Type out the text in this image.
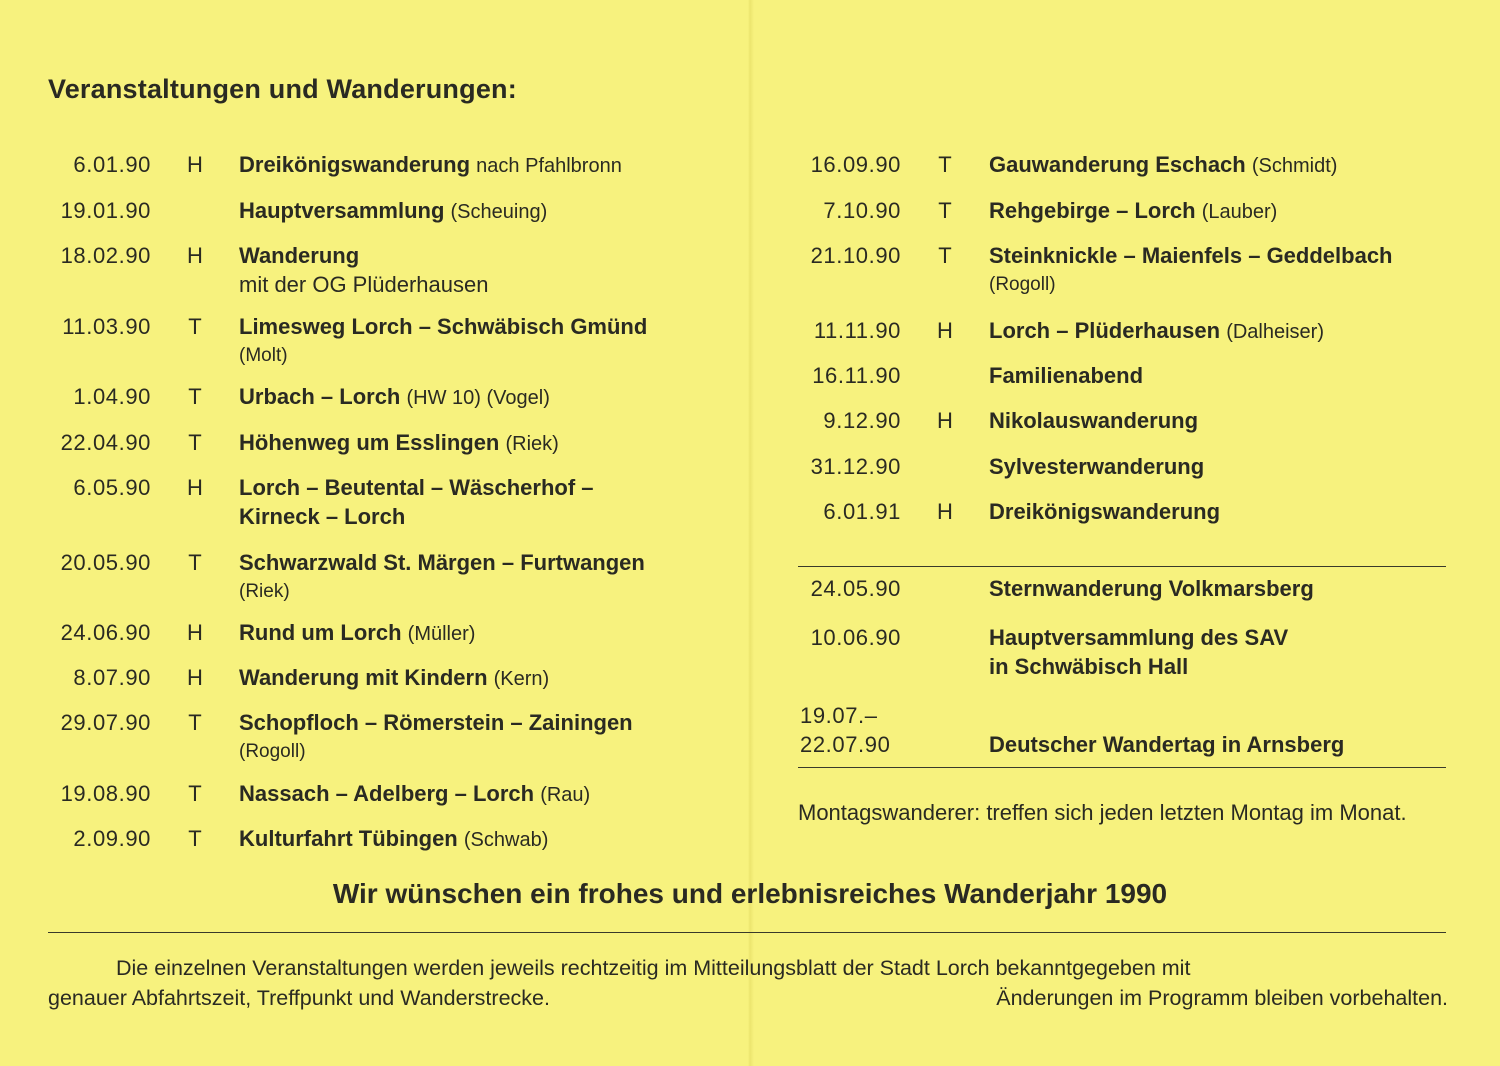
Veranstaltungen und Wanderungen:
6.01.90	H	Dreikönigswanderung nach Pfahlbronn
19.01.90	Hauptversammlung (Scheuing)
18.02.90	H	Wanderung
mit der OG Plüderhausen
11.03.90	T	Limesweg Lorch – Schwäbisch Gmünd
(Molt)
1.04.90	T	Urbach – Lorch (HW 10) (Vogel)
22.04.90	T	Höhenweg um Esslingen (Riek)
6.05.90	H	Lorch – Beutental – Wäscherhof –
Kirneck – Lorch
20.05.90	T	Schwarzwald St. Märgen – Furtwangen
(Riek)
24.06.90	H	Rund um Lorch (Müller)
8.07.90	H	Wanderung mit Kindern (Kern)
29.07.90	T	Schopfloch – Römerstein – Zainingen
(Rogoll)
19.08.90	T	Nassach – Adelberg – Lorch (Rau)
2.09.90	T	Kulturfahrt Tübingen (Schwab)
16.09.90	T	Gauwanderung Eschach (Schmidt)
7.10.90	T	Rehgebirge – Lorch (Lauber)
21.10.90	T	Steinknickle – Maienfels – Geddelbach
(Rogoll)
11.11.90	H	Lorch – Plüderhausen (Dalheiser)
16.11.90	Familienabend
9.12.90	H	Nikolauswanderung
31.12.90	Sylvesterwanderung
6.01.91	H	Dreikönigswanderung
24.05.90	Sternwanderung Volkmarsberg
10.06.90	Hauptversammlung des SAV
in Schwäbisch Hall
19.07.–
22.07.90	Deutscher Wandertag in Arnsberg
Montagswanderer: treffen sich jeden letzten Montag im Monat.
Wir wünschen ein frohes und erlebnisreiches Wanderjahr 1990
Die einzelnen Veranstaltungen werden jeweils rechtzeitig im Mitteilungsblatt der Stadt Lorch bekanntgegeben mit
genauer Abfahrtszeit, Treffpunkt und Wanderstrecke.	Änderungen im Programm bleiben vorbehalten.
